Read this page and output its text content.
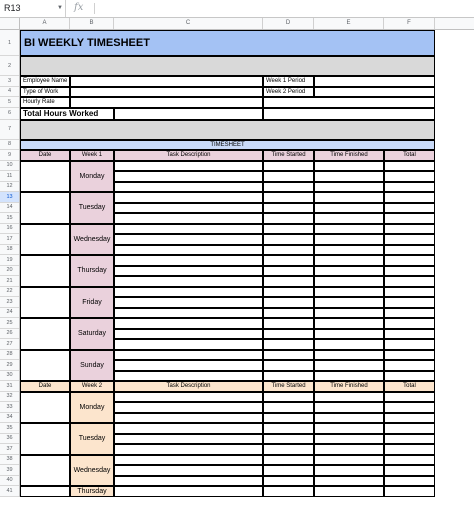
R13	▼ fx
A	B	C	D	E	F
1
2
3
4
5
6
7
8
9
10
11
12
13
14
15
16
17
18
19
20
21
22
23
24
25
26
27
28
29
30
31
32
33
34
35
36
37
38
39
40
41
BI WEEKLY TIMESHEET
Employee Name	Week 1 Period
Type of Work	Week 2 Period
Hourly Rate
Total Hours Worked
TIMESHEET
Date	Week 1	Task Description	Time Started	Time Finished	Total
Monday
Tuesday
Wednesday
Thursday
Friday
Saturday
Sunday
Date	Week 2	Task Description	Time Started	Time Finished	Total
Monday
Tuesday
Wednesday
Thursday
